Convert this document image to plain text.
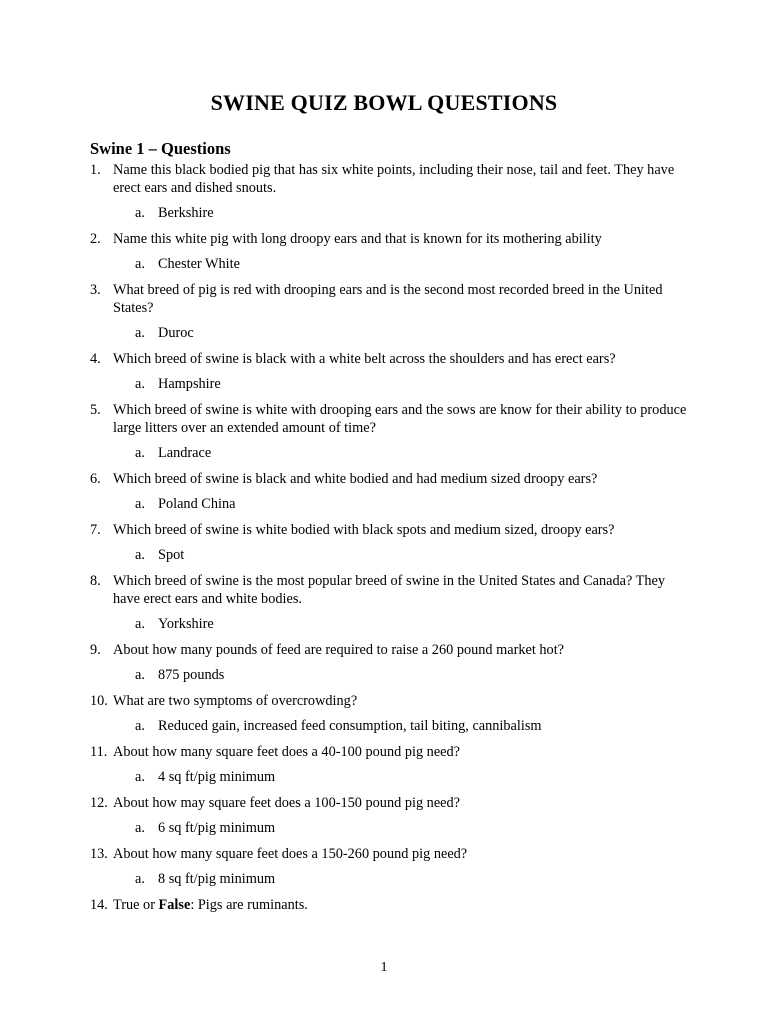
SWINE QUIZ BOWL QUESTIONS
Swine 1 – Questions
1. Name this black bodied pig that has six white points, including their nose, tail and feet. They have erect ears and dished snouts.
a. Berkshire
2. Name this white pig with long droopy ears and that is known for its mothering ability
a. Chester White
3. What breed of pig is red with drooping ears and is the second most recorded breed in the United States?
a. Duroc
4. Which breed of swine is black with a white belt across the shoulders and has erect ears?
a. Hampshire
5. Which breed of swine is white with drooping ears and the sows are know for their ability to produce large litters over an extended amount of time?
a. Landrace
6. Which breed of swine is black and white bodied and had medium sized droopy ears?
a. Poland China
7. Which breed of swine is white bodied with black spots and medium sized, droopy ears?
a. Spot
8. Which breed of swine is the most popular breed of swine in the United States and Canada? They have erect ears and white bodies.
a. Yorkshire
9. About how many pounds of feed are required to raise a 260 pound market hot?
a. 875 pounds
10. What are two symptoms of overcrowding?
a. Reduced gain, increased feed consumption, tail biting, cannibalism
11. About how many square feet does a 40-100 pound pig need?
a. 4 sq ft/pig minimum
12. About how may square feet does a 100-150 pound pig need?
a. 6 sq ft/pig minimum
13. About how many square feet does a 150-260 pound pig need?
a. 8 sq ft/pig minimum
14. True or False: Pigs are ruminants.
1
